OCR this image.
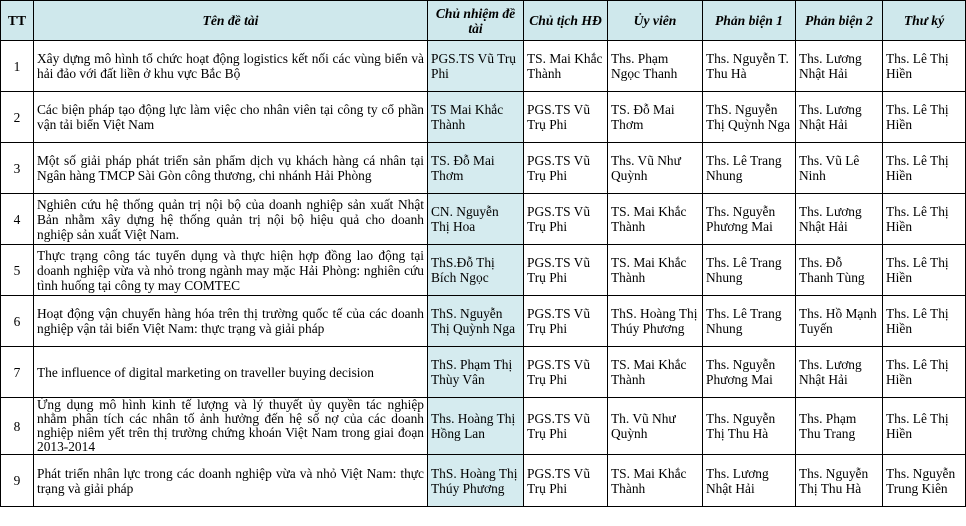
TT	Tên đề tài	Chủ nhiệm đề tài	Chủ tịch HĐ	Ủy viên	Phản biện 1	Phản biện 2	Thư ký
1	Xây dựng mô hình tổ chức hoạt động logistics kết nối các vùng biển và hải đảo với đất liền ở khu vực Bắc Bộ	PGS.TS Vũ Trụ Phi	TS. Mai Khắc Thành	Ths. Phạm Ngọc Thanh	Ths. Nguyễn T. Thu Hà	Ths. Lương Nhật Hải	Ths. Lê Thị Hiền
2	Các biện pháp tạo động lực làm việc cho nhân viên tại công ty cổ phần vận tải biển Việt Nam	TS Mai Khắc Thành	PGS.TS Vũ Trụ Phi	TS. Đỗ Mai Thơm	ThS. Nguyễn Thị Quỳnh Nga	Ths. Lương Nhật Hải	Ths. Lê Thị Hiền
3	Một số giải pháp phát triển sản phẩm dịch vụ khách hàng cá nhân tại Ngân hàng TMCP Sài Gòn công thương, chi nhánh Hải Phòng	TS. Đỗ Mai Thơm	PGS.TS Vũ Trụ Phi	Ths. Vũ Như Quỳnh	Ths. Lê Trang Nhung	Ths. Vũ Lê Ninh	Ths. Lê Thị Hiền
4	Nghiên cứu hệ thống quản trị nội bộ của doanh nghiệp sản xuất Nhật Bản nhằm xây dựng hệ thống quản trị nội bộ hiệu quả cho doanh nghiệp sản xuất Việt Nam.	CN. Nguyễn Thị Hoa	PGS.TS Vũ Trụ Phi	TS. Mai Khắc Thành	Ths. Nguyễn Phương Mai	Ths. Lương Nhật Hải	Ths. Lê Thị Hiền
5	Thực trạng công tác tuyển dụng và thực hiện hợp đồng lao động tại doanh nghiệp vừa và nhỏ trong ngành may mặc Hải Phòng: nghiên cứu tình huống tại công ty may COMTEC	ThS.Đỗ Thị Bích Ngọc	PGS.TS Vũ Trụ Phi	TS. Mai Khắc Thành	Ths. Lê Trang Nhung	Ths. Đỗ Thanh Tùng	Ths. Lê Thị Hiền
6	Hoạt động vận chuyển hàng hóa trên thị trường quốc tế của các doanh nghiệp vận tải biển Việt Nam: thực trạng và giải pháp	ThS. Nguyễn Thị Quỳnh Nga	PGS.TS Vũ Trụ Phi	ThS. Hoàng Thị Thúy Phương	Ths. Lê Trang Nhung	Ths. Hồ Mạnh Tuyến	Ths. Lê Thị Hiền
7	The influence of digital marketing on traveller buying decision	ThS. Phạm Thị Thùy Vân	PGS.TS Vũ Trụ Phi	TS. Mai Khắc Thành	Ths. Nguyễn Phương Mai	Ths. Lương Nhật Hải	Ths. Lê Thị Hiền
8	Ứng dụng mô hình kinh tế lượng và lý thuyết ủy quyền tác nghiệp nhằm phân tích các nhân tố ảnh hưởng đến hệ số nợ của các doanh nghiệp niêm yết trên thị trường chứng khoán Việt Nam trong giai đoạn 2013-2014	Ths. Hoàng Thị Hồng Lan	PGS.TS Vũ Trụ Phi	Th. Vũ Như Quỳnh	Ths. Nguyễn Thị Thu Hà	Ths. Phạm Thu Trang	Ths. Lê Thị Hiền
9	Phát triển nhân lực trong các doanh nghiệp vừa và nhỏ Việt Nam: thực trạng và giải pháp	ThS. Hoàng Thị Thúy Phương	PGS.TS Vũ Trụ Phi	TS. Mai Khắc Thành	Ths. Lương Nhật Hải	Ths. Nguyễn Thị Thu Hà	Ths. Nguyễn Trung Kiên
